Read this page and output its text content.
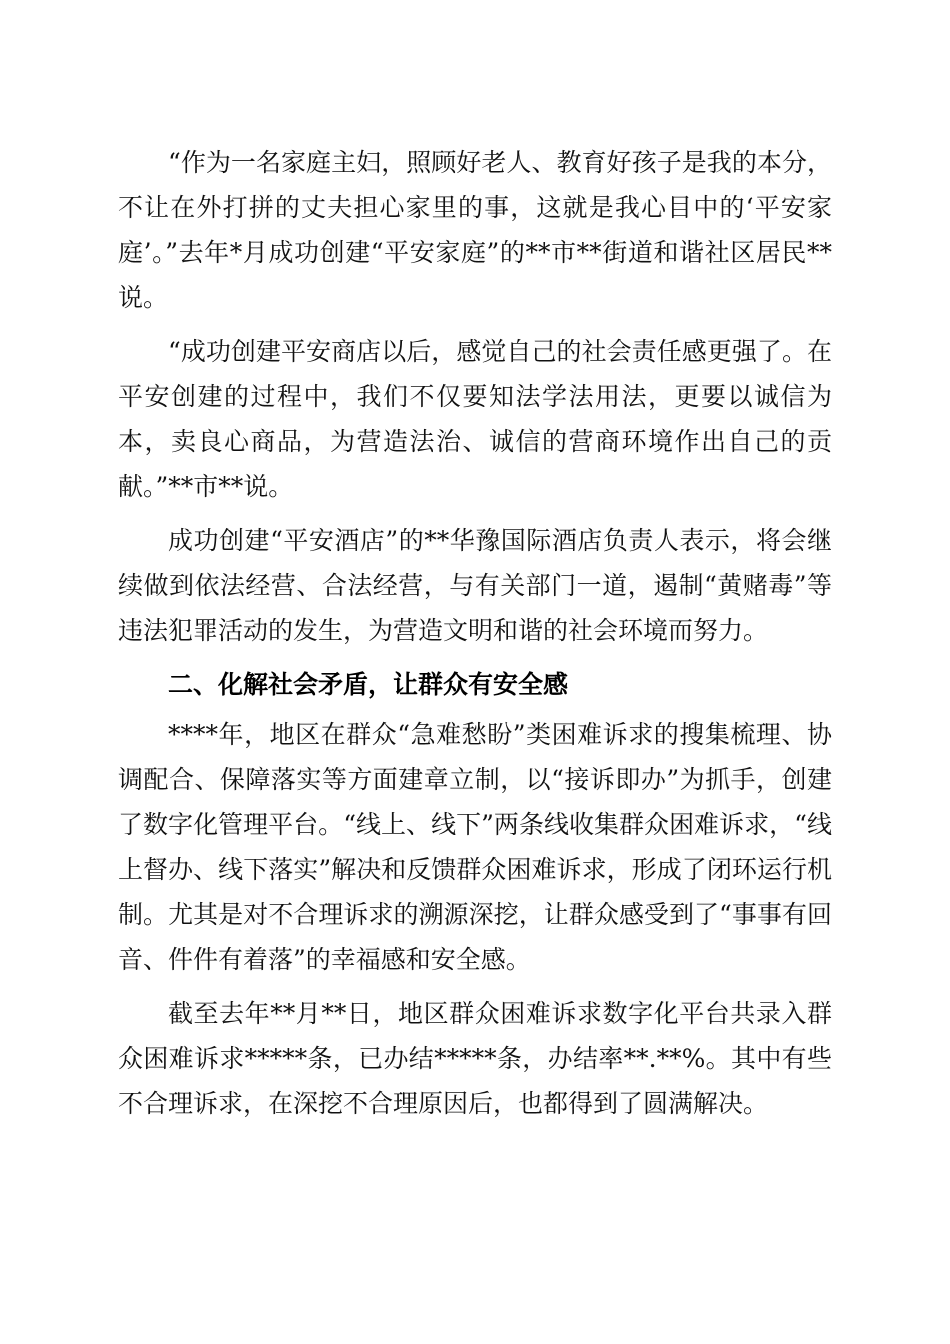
“作为一名家庭主妇，照顾好老人、教育好孩子是我的本分，不让在外打拼的丈夫担心家里的事，这就是我心目中的‘平安家庭’。”去年*月成功创建“平安家庭”的**市**街道和谐社区居民**说。

“成功创建平安商店以后，感觉自己的社会责任感更强了。在平安创建的过程中，我们不仅要知法学法用法，更要以诚信为本，卖良心商品，为营造法治、诚信的营商环境作出自己的贡献。”**市**说。

成功创建“平安酒店”的**华豫国际酒店负责人表示，将会继续做到依法经营、合法经营，与有关部门一道，遏制“黄赌毒”等违法犯罪活动的发生，为营造文明和谐的社会环境而努力。

二、化解社会矛盾，让群众有安全感

****年，地区在群众“急难愁盼”类困难诉求的搜集梳理、协调配合、保障落实等方面建章立制，以“接诉即办”为抓手，创建了数字化管理平台。“线上、线下”两条线收集群众困难诉求，“线上督办、线下落实”解决和反馈群众困难诉求，形成了闭环运行机制。尤其是对不合理诉求的溯源深挖，让群众感受到了“事事有回音、件件有着落”的幸福感和安全感。

截至去年**月**日，地区群众困难诉求数字化平台共录入群众困难诉求*****条，已办结*****条，办结率**.**%。其中有些不合理诉求，在深挖不合理原因后，也都得到了圆满解决。
